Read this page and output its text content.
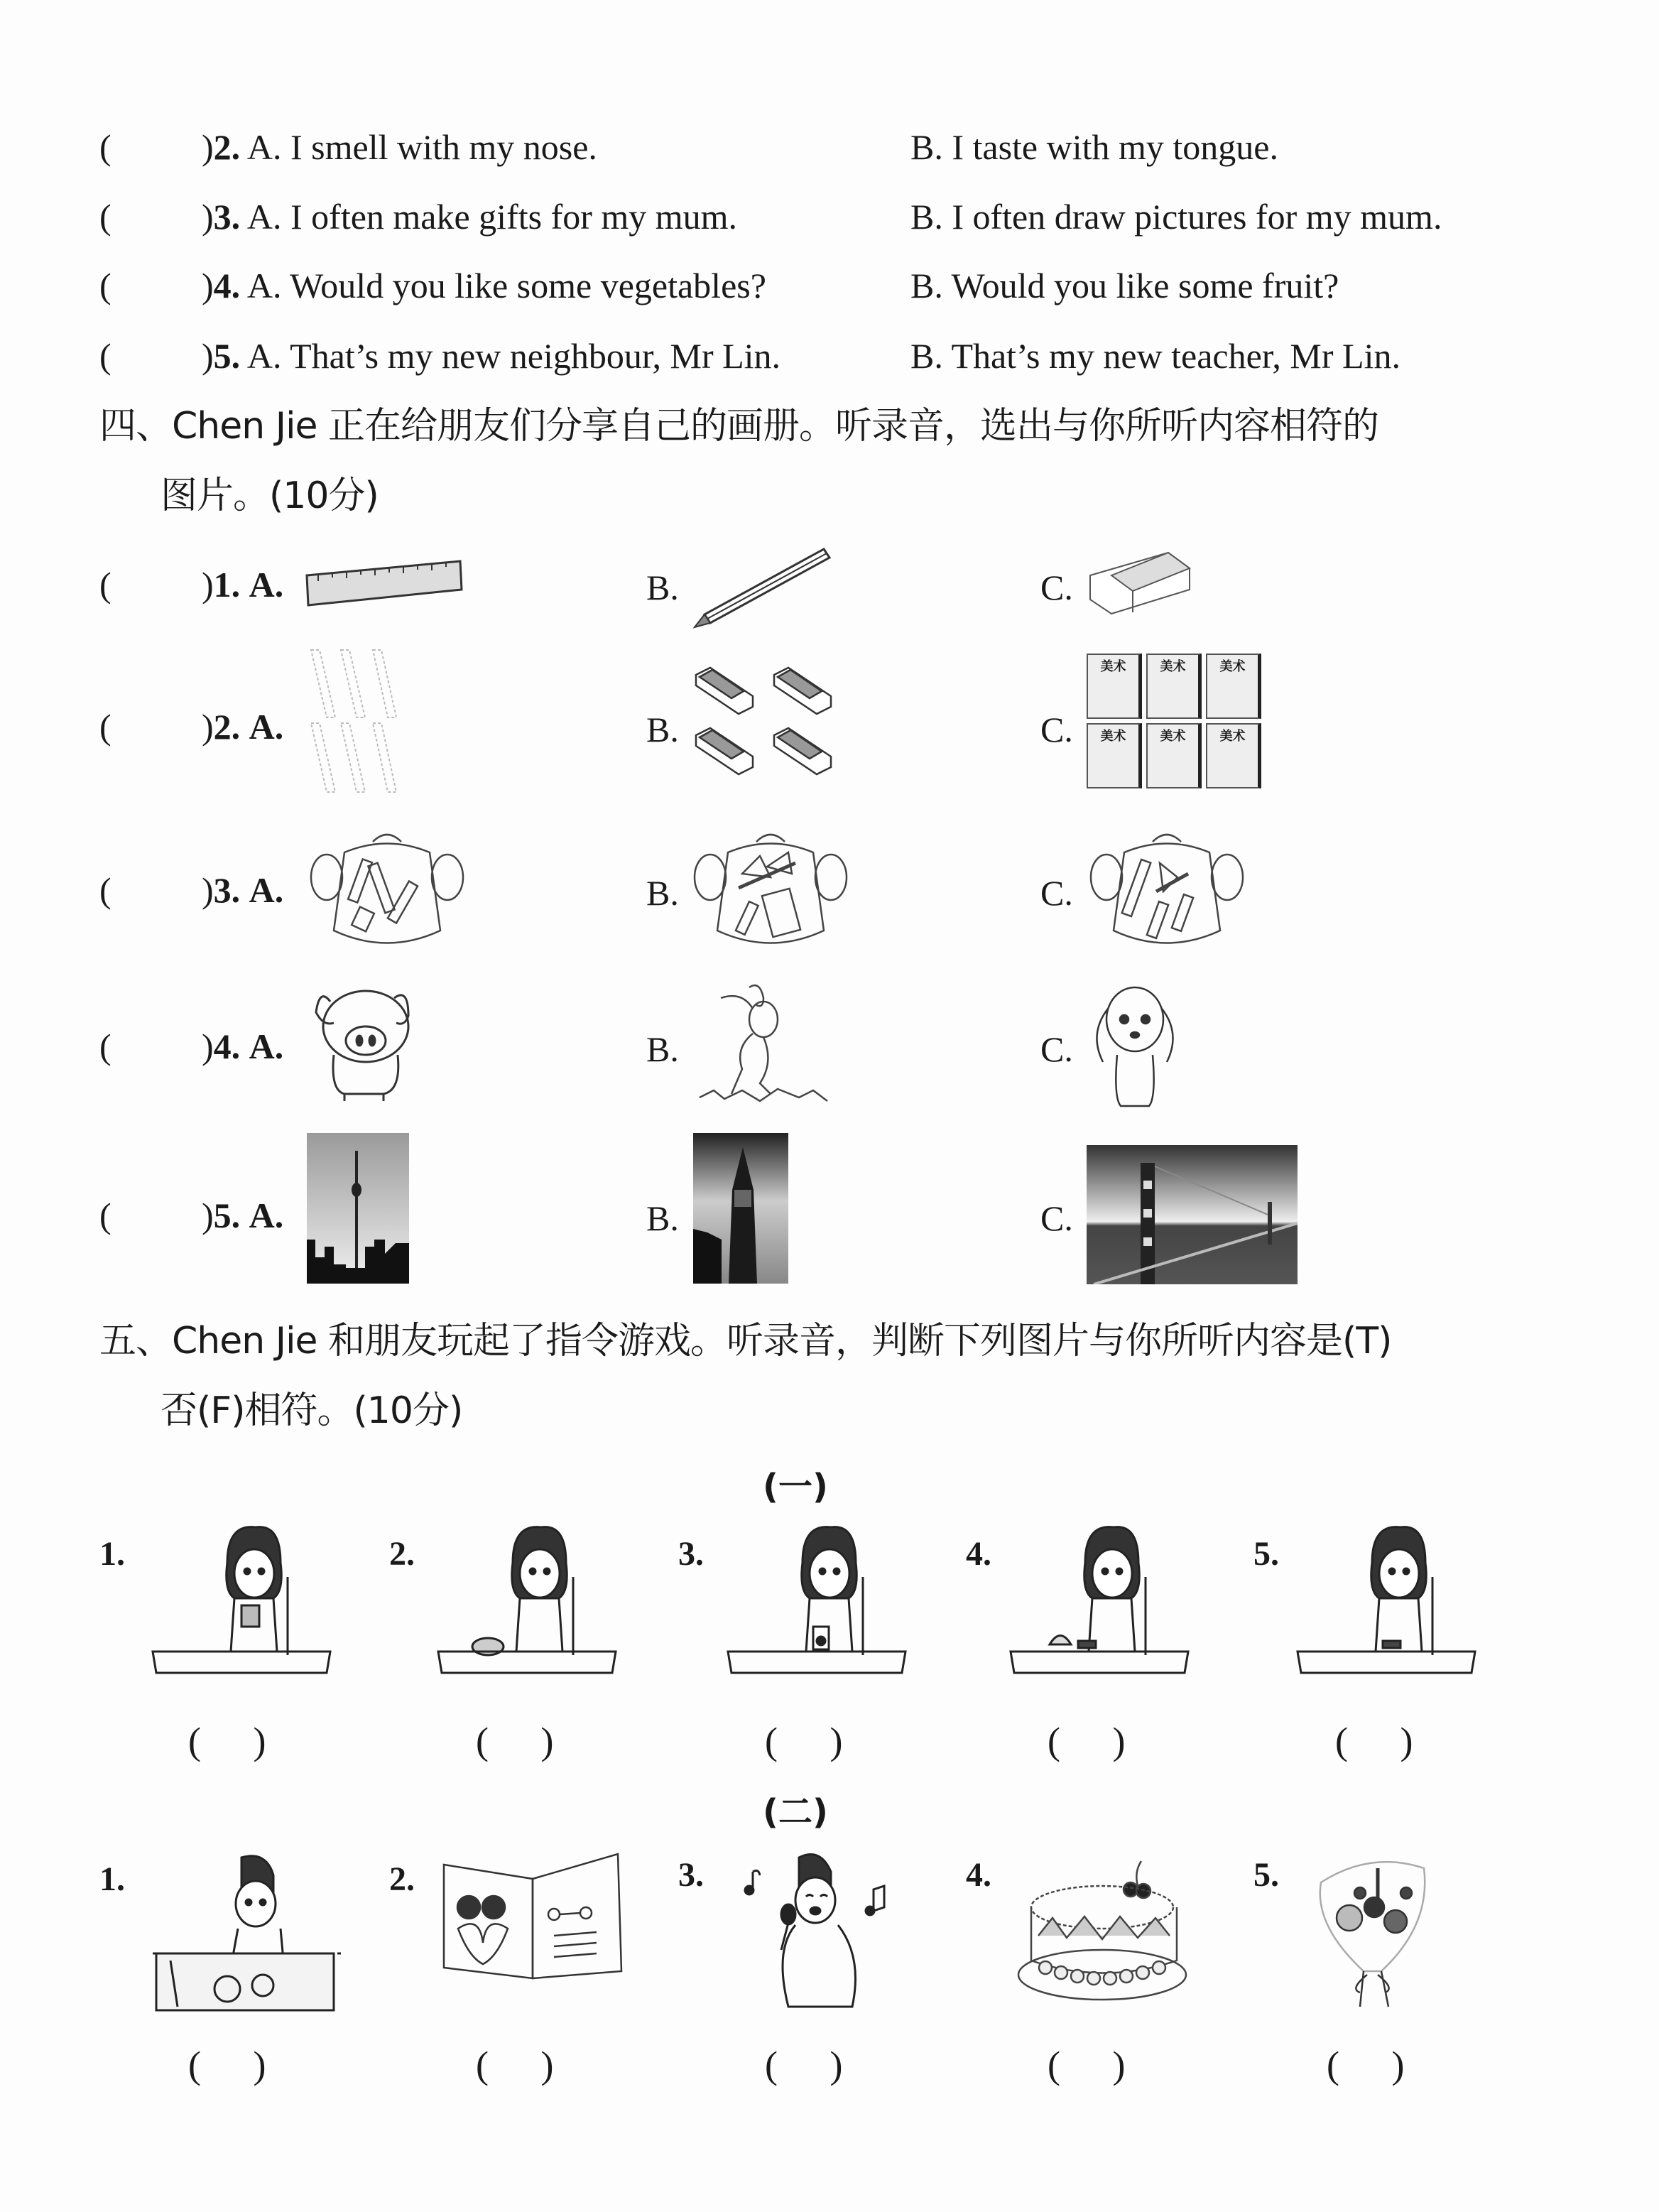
(	)2. A. I smell with my nose.	B. I taste with my tongue.
(	)3. A. I often make gifts for my mum.	B. I often draw pictures for my mum.
(	)4. A. Would you like some vegetables?	B. Would you like some fruit?
(	)5. A. That’s my new neighbour, Mr Lin.	B. That’s my new teacher, Mr Lin.
四、Chen Jie 正在给朋友们分享自己的画册。听录音，选出与你所听内容相符的
图片。(10分)
(	)1. A.	B.	C.
(	)2. A.	B.	C.
美术	美术	美术
美术	美术	美术
(	)3. A.	B.	C.
(	)4. A.	B.	C.
(	)5. A.	B.	C.
五、Chen Jie 和朋友玩起了指令游戏。听录音，判断下列图片与你所听内容是(T)
否(F)相符。(10分)
(一)
1.	2.	3.	4.	5.
( )	( )	( )	( )	( )
(二)
1.	2.	3.	4.	5.
( )	( )	( )	( )	( )
